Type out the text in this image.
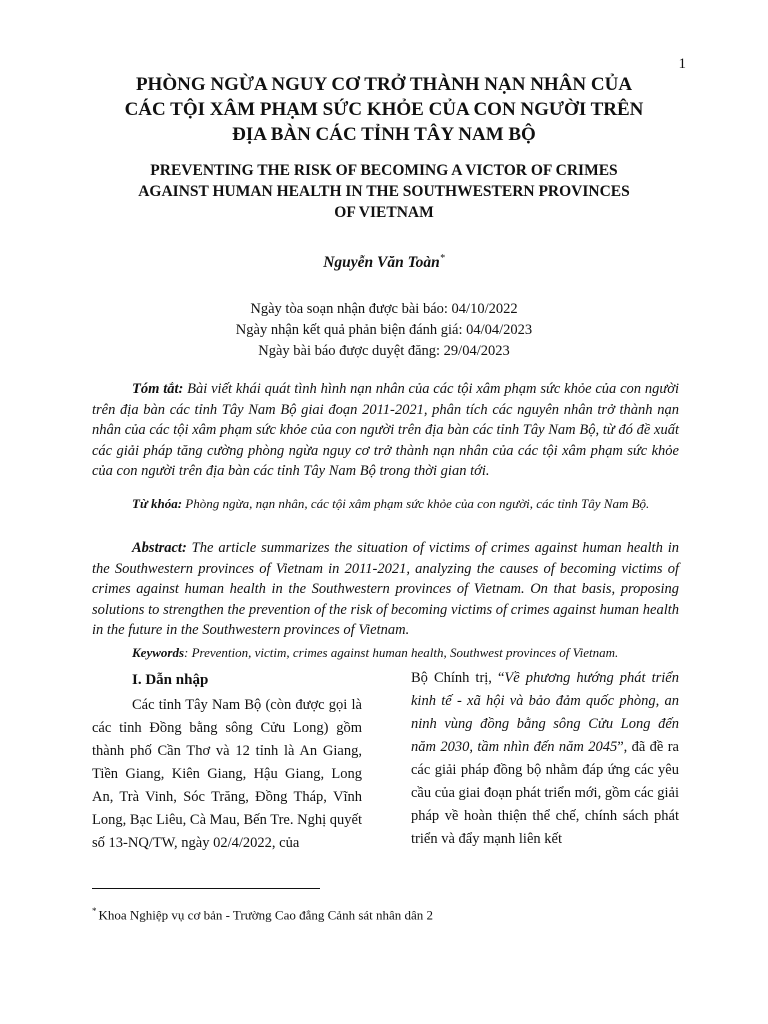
1
PHÒNG NGỪA NGUY CƠ TRỞ THÀNH NẠN NHÂN CỦA
CÁC TỘI XÂM PHẠM SỨC KHỎE CỦA CON NGƯỜI TRÊN
ĐỊA BÀN CÁC TỈNH TÂY NAM BỘ
PREVENTING THE RISK OF BECOMING A VICTOR OF CRIMES
AGAINST HUMAN HEALTH IN THE SOUTHWESTERN PROVINCES
OF VIETNAM
Nguyễn Văn Toàn*
Ngày tòa soạn nhận được bài báo: 04/10/2022
Ngày nhận kết quả phản biện đánh giá: 04/04/2023
Ngày bài báo được duyệt đăng: 29/04/2023
Tóm tắt: Bài viết khái quát tình hình nạn nhân của các tội xâm phạm sức khỏe của con người trên địa bàn các tỉnh Tây Nam Bộ giai đoạn 2011-2021, phân tích các nguyên nhân trở thành nạn nhân của các tội xâm phạm sức khỏe của con người trên địa bàn các tỉnh Tây Nam Bộ, từ đó đề xuất các giải pháp tăng cường phòng ngừa nguy cơ trở thành nạn nhân của các tội xâm phạm sức khỏe của con người trên địa bàn các tỉnh Tây Nam Bộ trong thời gian tới.
Từ khóa: Phòng ngừa, nạn nhân, các tội xâm phạm sức khỏe của con người, các tỉnh Tây Nam Bộ.
Abstract: The article summarizes the situation of victims of crimes against human health in the Southwestern provinces of Vietnam in 2011-2021, analyzing the causes of becoming victims of crimes against human health in the Southwestern provinces of Vietnam. On that basis, proposing solutions to strengthen the prevention of the risk of becoming victims of crimes against human health in the future in the Southwestern provinces of Vietnam.
Keywords: Prevention, victim, crimes against human health, Southwest provinces of Vietnam.
I. Dẫn nhập

Các tỉnh Tây Nam Bộ (còn được gọi là các tỉnh Đồng bằng sông Cửu Long) gồm thành phố Cần Thơ và 12 tỉnh là An Giang, Tiền Giang, Kiên Giang, Hậu Giang, Long An, Trà Vinh, Sóc Trăng, Đồng Tháp, Vĩnh Long, Bạc Liêu, Cà Mau, Bến Tre. Nghị quyết số 13-NQ/TW, ngày 02/4/2022, của

Bộ Chính trị, “Về phương hướng phát triển kinh tế - xã hội và bảo đảm quốc phòng, an ninh vùng đồng bằng sông Cửu Long đến năm 2030, tầm nhìn đến năm 2045”, đã đề ra các giải pháp đồng bộ nhằm đáp ứng các yêu cầu của giai đoạn phát triển mới, gồm các giải pháp về hoàn thiện thể chế, chính sách phát triển và đẩy mạnh liên kết

* Khoa Nghiệp vụ cơ bản - Trường Cao đẳng Cảnh sát nhân dân 2
